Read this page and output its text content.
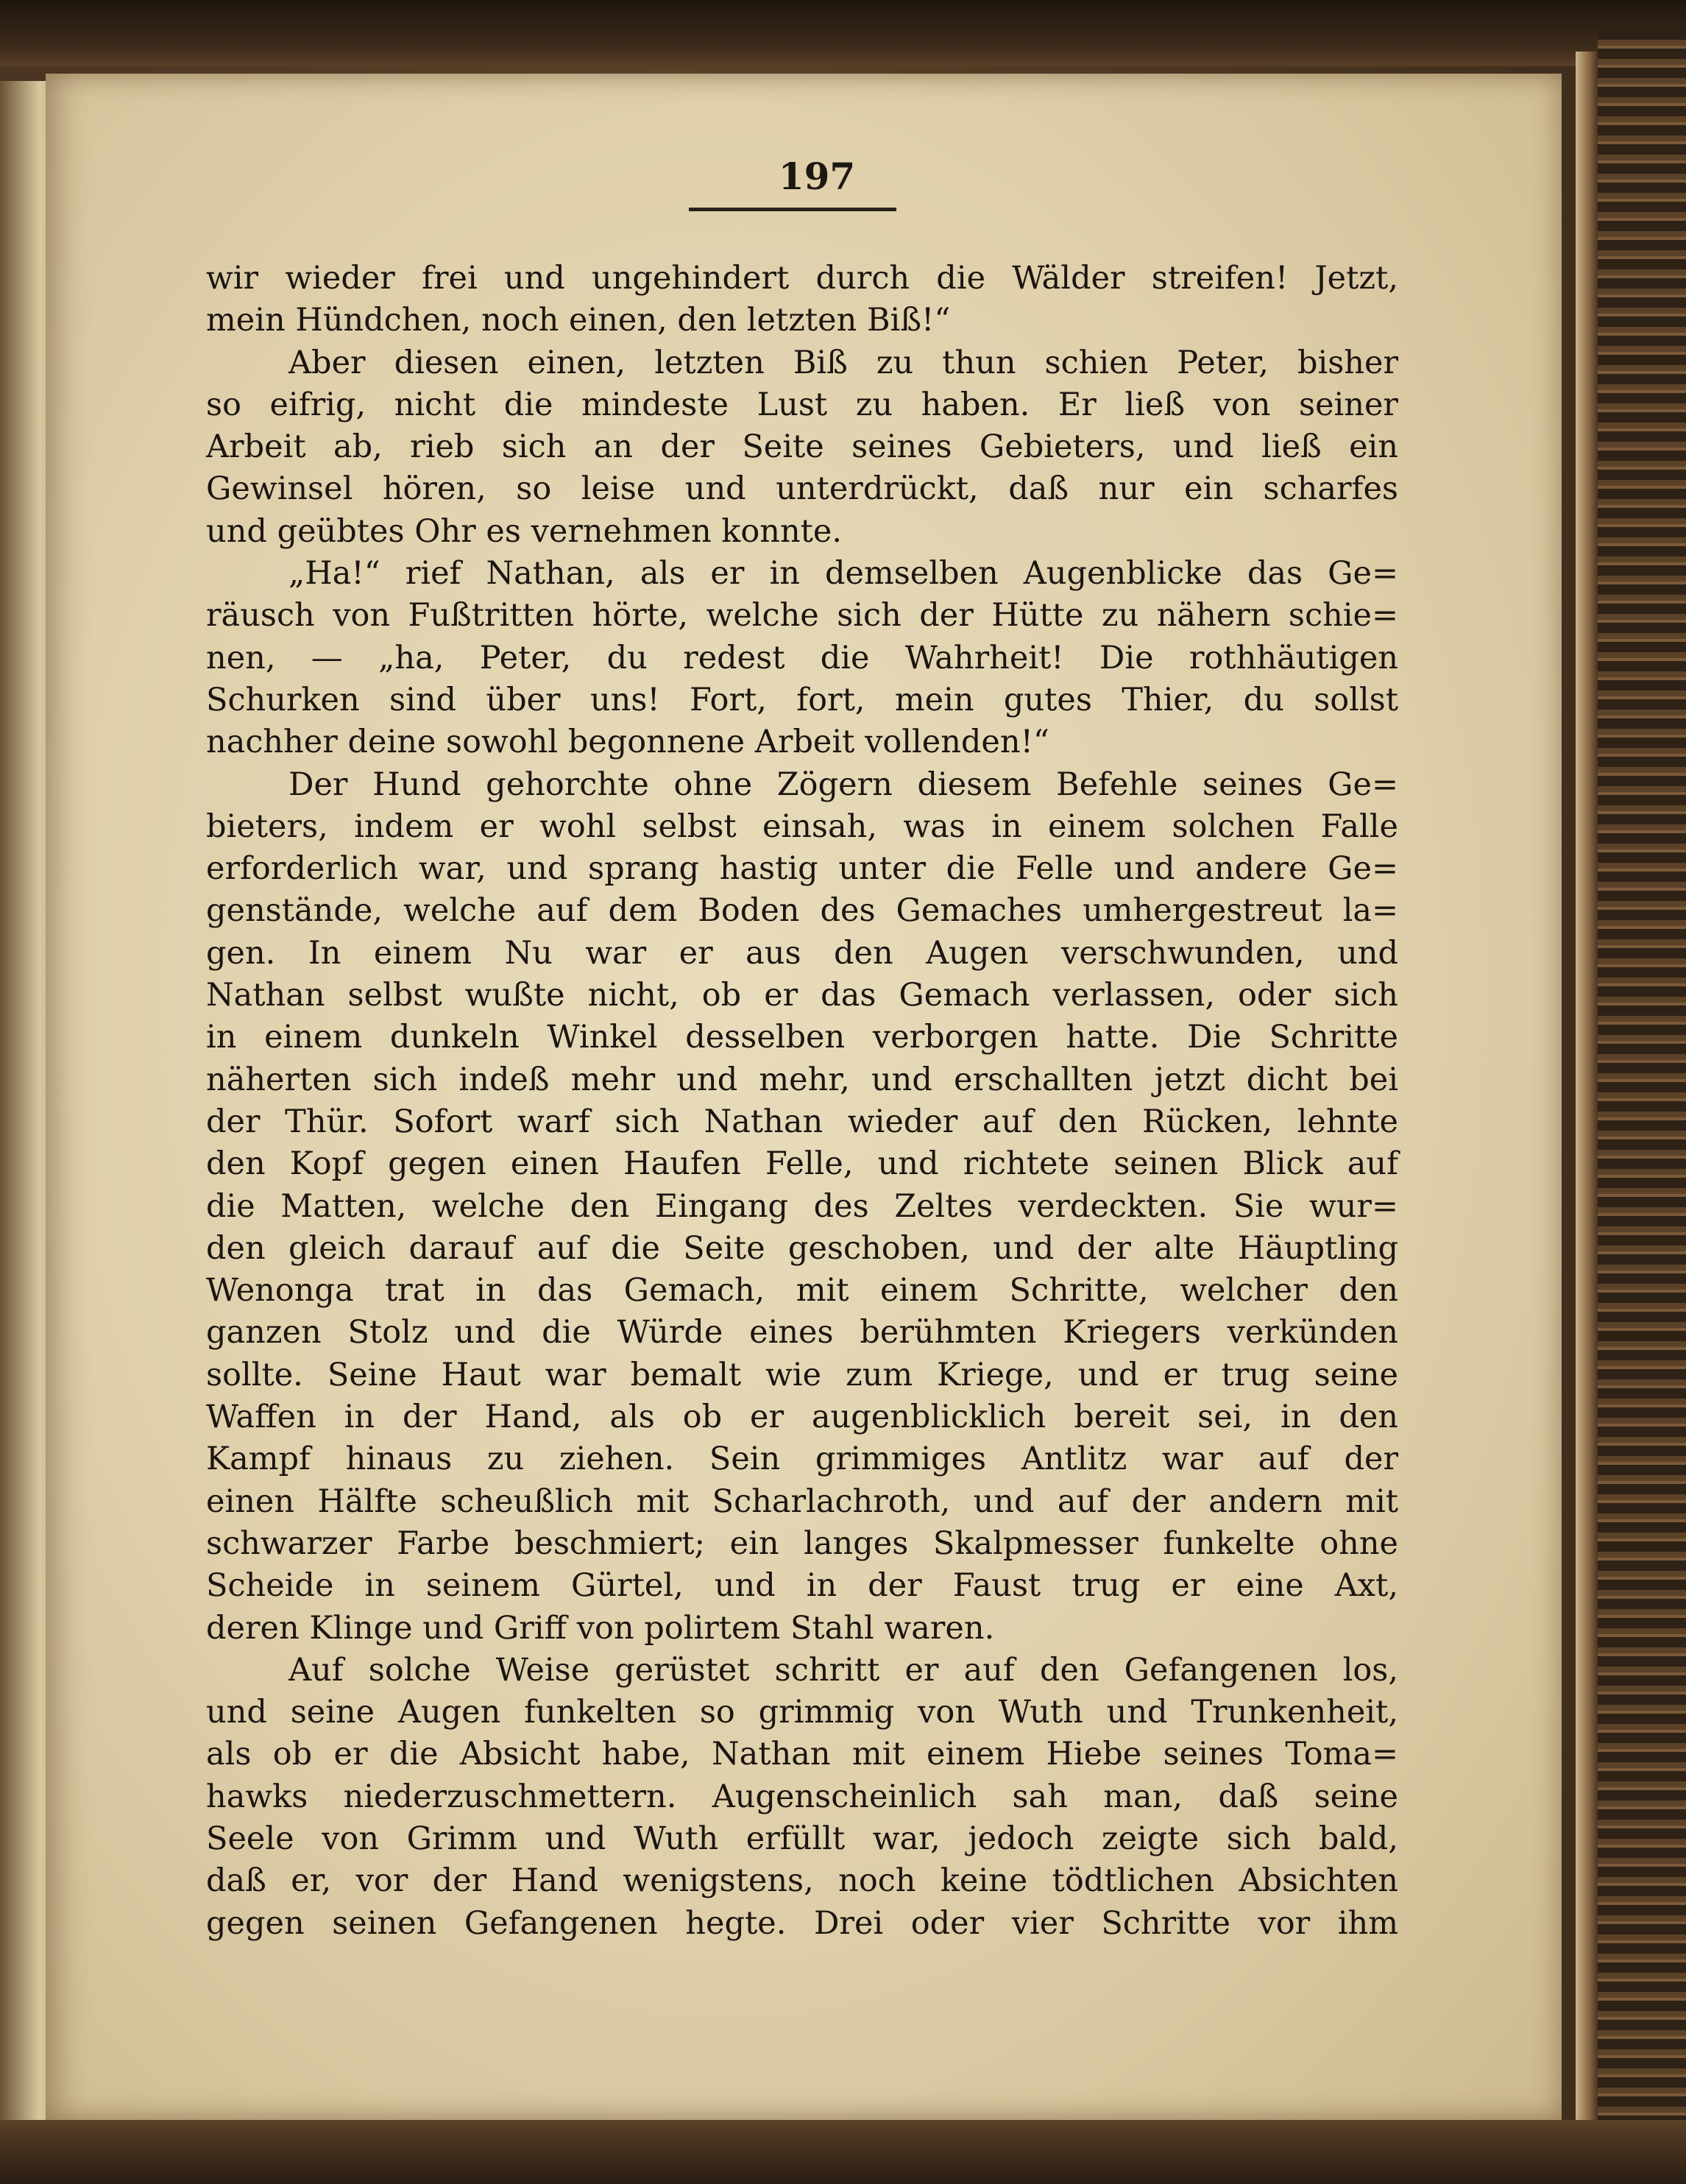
197
wir wieder frei und ungehindert durch die Wälder streifen! Jetzt,
mein Hündchen, noch einen, den letzten Biß!“
Aber diesen einen, letzten Biß zu thun schien Peter, bisher
so eifrig, nicht die mindeste Lust zu haben. Er ließ von seiner
Arbeit ab, rieb sich an der Seite seines Gebieters, und ließ ein
Gewinsel hören, so leise und unterdrückt, daß nur ein scharfes
und geübtes Ohr es vernehmen konnte.
„Ha!“ rief Nathan, als er in demselben Augenblicke das Ge=
räusch von Fußtritten hörte, welche sich der Hütte zu nähern schie=
nen, — „ha, Peter, du redest die Wahrheit! Die rothhäutigen
Schurken sind über uns! Fort, fort, mein gutes Thier, du sollst
nachher deine sowohl begonnene Arbeit vollenden!“
Der Hund gehorchte ohne Zögern diesem Befehle seines Ge=
bieters, indem er wohl selbst einsah, was in einem solchen Falle
erforderlich war, und sprang hastig unter die Felle und andere Ge=
genstände, welche auf dem Boden des Gemaches umhergestreut la=
gen. In einem Nu war er aus den Augen verschwunden, und
Nathan selbst wußte nicht, ob er das Gemach verlassen, oder sich
in einem dunkeln Winkel desselben verborgen hatte. Die Schritte
näherten sich indeß mehr und mehr, und erschallten jetzt dicht bei
der Thür. Sofort warf sich Nathan wieder auf den Rücken, lehnte
den Kopf gegen einen Haufen Felle, und richtete seinen Blick auf
die Matten, welche den Eingang des Zeltes verdeckten. Sie wur=
den gleich darauf auf die Seite geschoben, und der alte Häuptling
Wenonga trat in das Gemach, mit einem Schritte, welcher den
ganzen Stolz und die Würde eines berühmten Kriegers verkünden
sollte. Seine Haut war bemalt wie zum Kriege, und er trug seine
Waffen in der Hand, als ob er augenblicklich bereit sei, in den
Kampf hinaus zu ziehen. Sein grimmiges Antlitz war auf der
einen Hälfte scheußlich mit Scharlachroth, und auf der andern mit
schwarzer Farbe beschmiert; ein langes Skalpmesser funkelte ohne
Scheide in seinem Gürtel, und in der Faust trug er eine Axt,
deren Klinge und Griff von polirtem Stahl waren.
Auf solche Weise gerüstet schritt er auf den Gefangenen los,
und seine Augen funkelten so grimmig von Wuth und Trunkenheit,
als ob er die Absicht habe, Nathan mit einem Hiebe seines Toma=
hawks niederzuschmettern. Augenscheinlich sah man, daß seine
Seele von Grimm und Wuth erfüllt war, jedoch zeigte sich bald,
daß er, vor der Hand wenigstens, noch keine tödtlichen Absichten
gegen seinen Gefangenen hegte. Drei oder vier Schritte vor ihm
